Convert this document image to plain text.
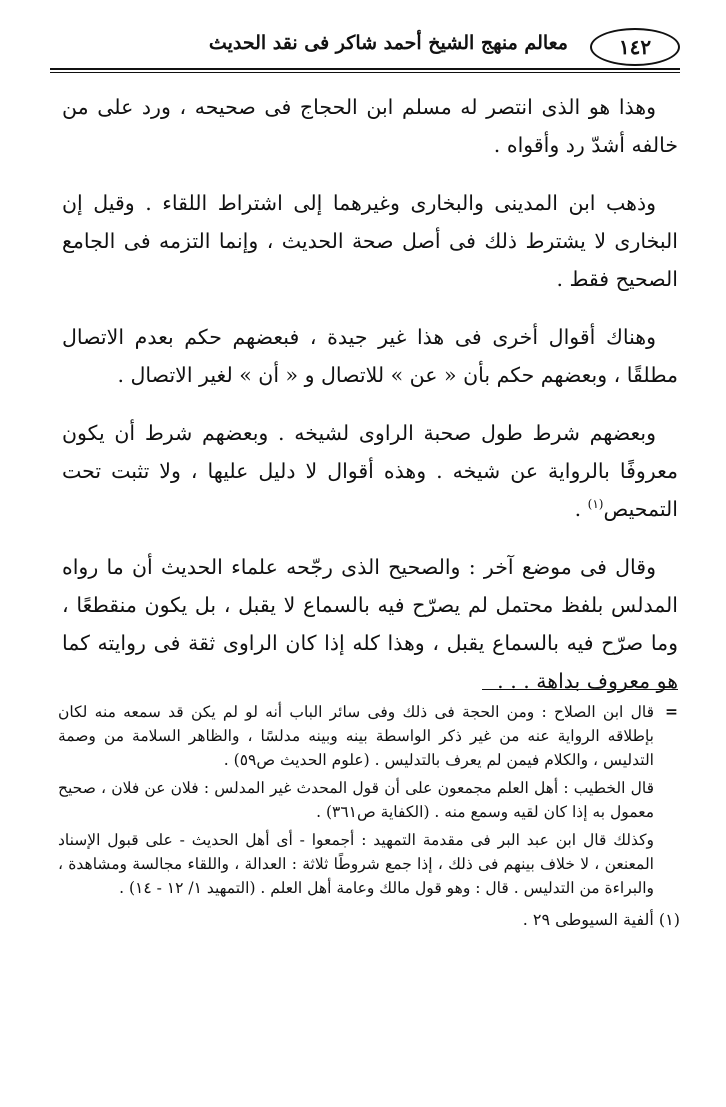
١٤٢
معالم منهج الشيخ أحمد شاكر فى نقد الحديث

وهذا هو الذى انتصر له مسلم ابن الحجاج فى صحيحه ، ورد على من خالفه أشدّ رد وأقواه .

وذهب ابن المدينى والبخارى وغيرهما إلى اشتراط اللقاء . وقيل إن البخارى لا يشترط ذلك فى أصل صحة الحديث ، وإنما التزمه فى الجامع الصحيح فقط .

وهناك أقوال أخرى فى هذا غير جيدة ، فبعضهم حكم بعدم الاتصال مطلقًا ، وبعضهم حكم بأن « عن » للاتصال و « أن » لغير الاتصال .

وبعضهم شرط طول صحبة الراوى لشيخه . وبعضهم شرط أن يكون معروفًا بالرواية عن شيخه . وهذه أقوال لا دليل عليها ، ولا تثبت تحت التمحيص$^{(١)}$ .

وقال فى موضع آخر : والصحيح الذى رجّحه علماء الحديث أن ما رواه المدلس بلفظ محتمل لم يصرّح فيه بالسماع لا يقبل ، بل يكون منقطعًا ، وما صرّح فيه بالسماع يقبل ، وهذا كله إذا كان الراوى ثقة فى روايته كما هو معروف بداهة . . .

=

قال ابن الصلاح : ومن الحجة فى ذلك وفى سائر الباب أنه لو لم يكن قد سمعه منه لكان بإطلاقه الرواية عنه من غير ذكر الواسطة بينه وبينه مدلسًا ، والظاهر السلامة من وصمة التدليس ، والكلام فيمن لم يعرف بالتدليس . (علوم الحديث ص٥٩) .

قال الخطيب : أهل العلم مجمعون على أن قول المحدث غير المدلس : فلان عن فلان ، صحيح معمول به إذا كان لقيه وسمع منه . (الكفاية ص٣٦١) .

وكذلك قال ابن عبد البر فى مقدمة التمهيد : أجمعوا - أى أهل الحديث - على قبول الإسناد المعنعن ، لا خلاف بينهم فى ذلك ، إذا جمع شروطًا ثلاثة : العدالة ، واللقاء مجالسة ومشاهدة ، والبراءة من التدليس . قال : وهو قول مالك وعامة أهل العلم . (التمهيد ١/ ١٢ - ١٤) .

(١) ألفية السيوطى ٢٩ .
